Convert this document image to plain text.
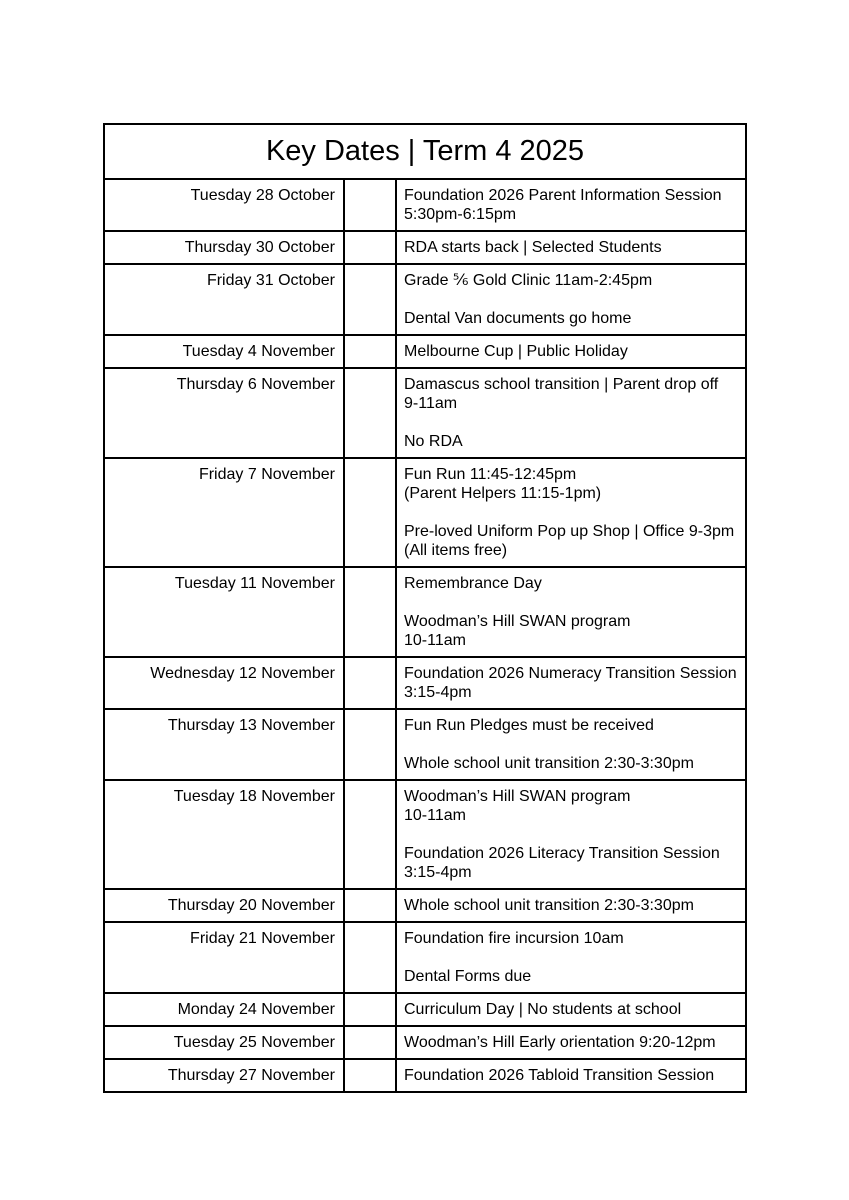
Key Dates | Term 4 2025		
Tuesday 28 October		Foundation 2026 Parent Information Session
5:30pm-6:15pm

Thursday 30 October		RDA starts back | Selected Students

Friday 31 October		Grade ⅚ Gold Clinic 11am-2:45pm

Dental Van documents go home

Tuesday 4 November		Melbourne Cup | Public Holiday

Thursday 6 November		Damascus school transition | Parent drop off
9-11am

No RDA

Friday 7 November		Fun Run 11:45-12:45pm
(Parent Helpers 11:15-1pm)

Pre-loved Uniform Pop up Shop | Office 9-3pm
(All items free)

Tuesday 11 November		Remembrance Day

Woodman’s Hill SWAN program
10-11am

Wednesday 12 November		Foundation 2026 Numeracy Transition Session
3:15-4pm

Thursday 13 November		Fun Run Pledges must be received

Whole school unit transition 2:30-3:30pm

Tuesday 18 November		Woodman’s Hill SWAN program
10-11am

Foundation 2026 Literacy Transition Session
3:15-4pm

Thursday 20 November		Whole school unit transition 2:30-3:30pm

Friday 21 November		Foundation fire incursion 10am

Dental Forms due

Monday 24 November		Curriculum Day | No students at school

Tuesday 25 November		Woodman’s Hill Early orientation 9:20-12pm

Thursday 27 November		Foundation 2026 Tabloid Transition Session
